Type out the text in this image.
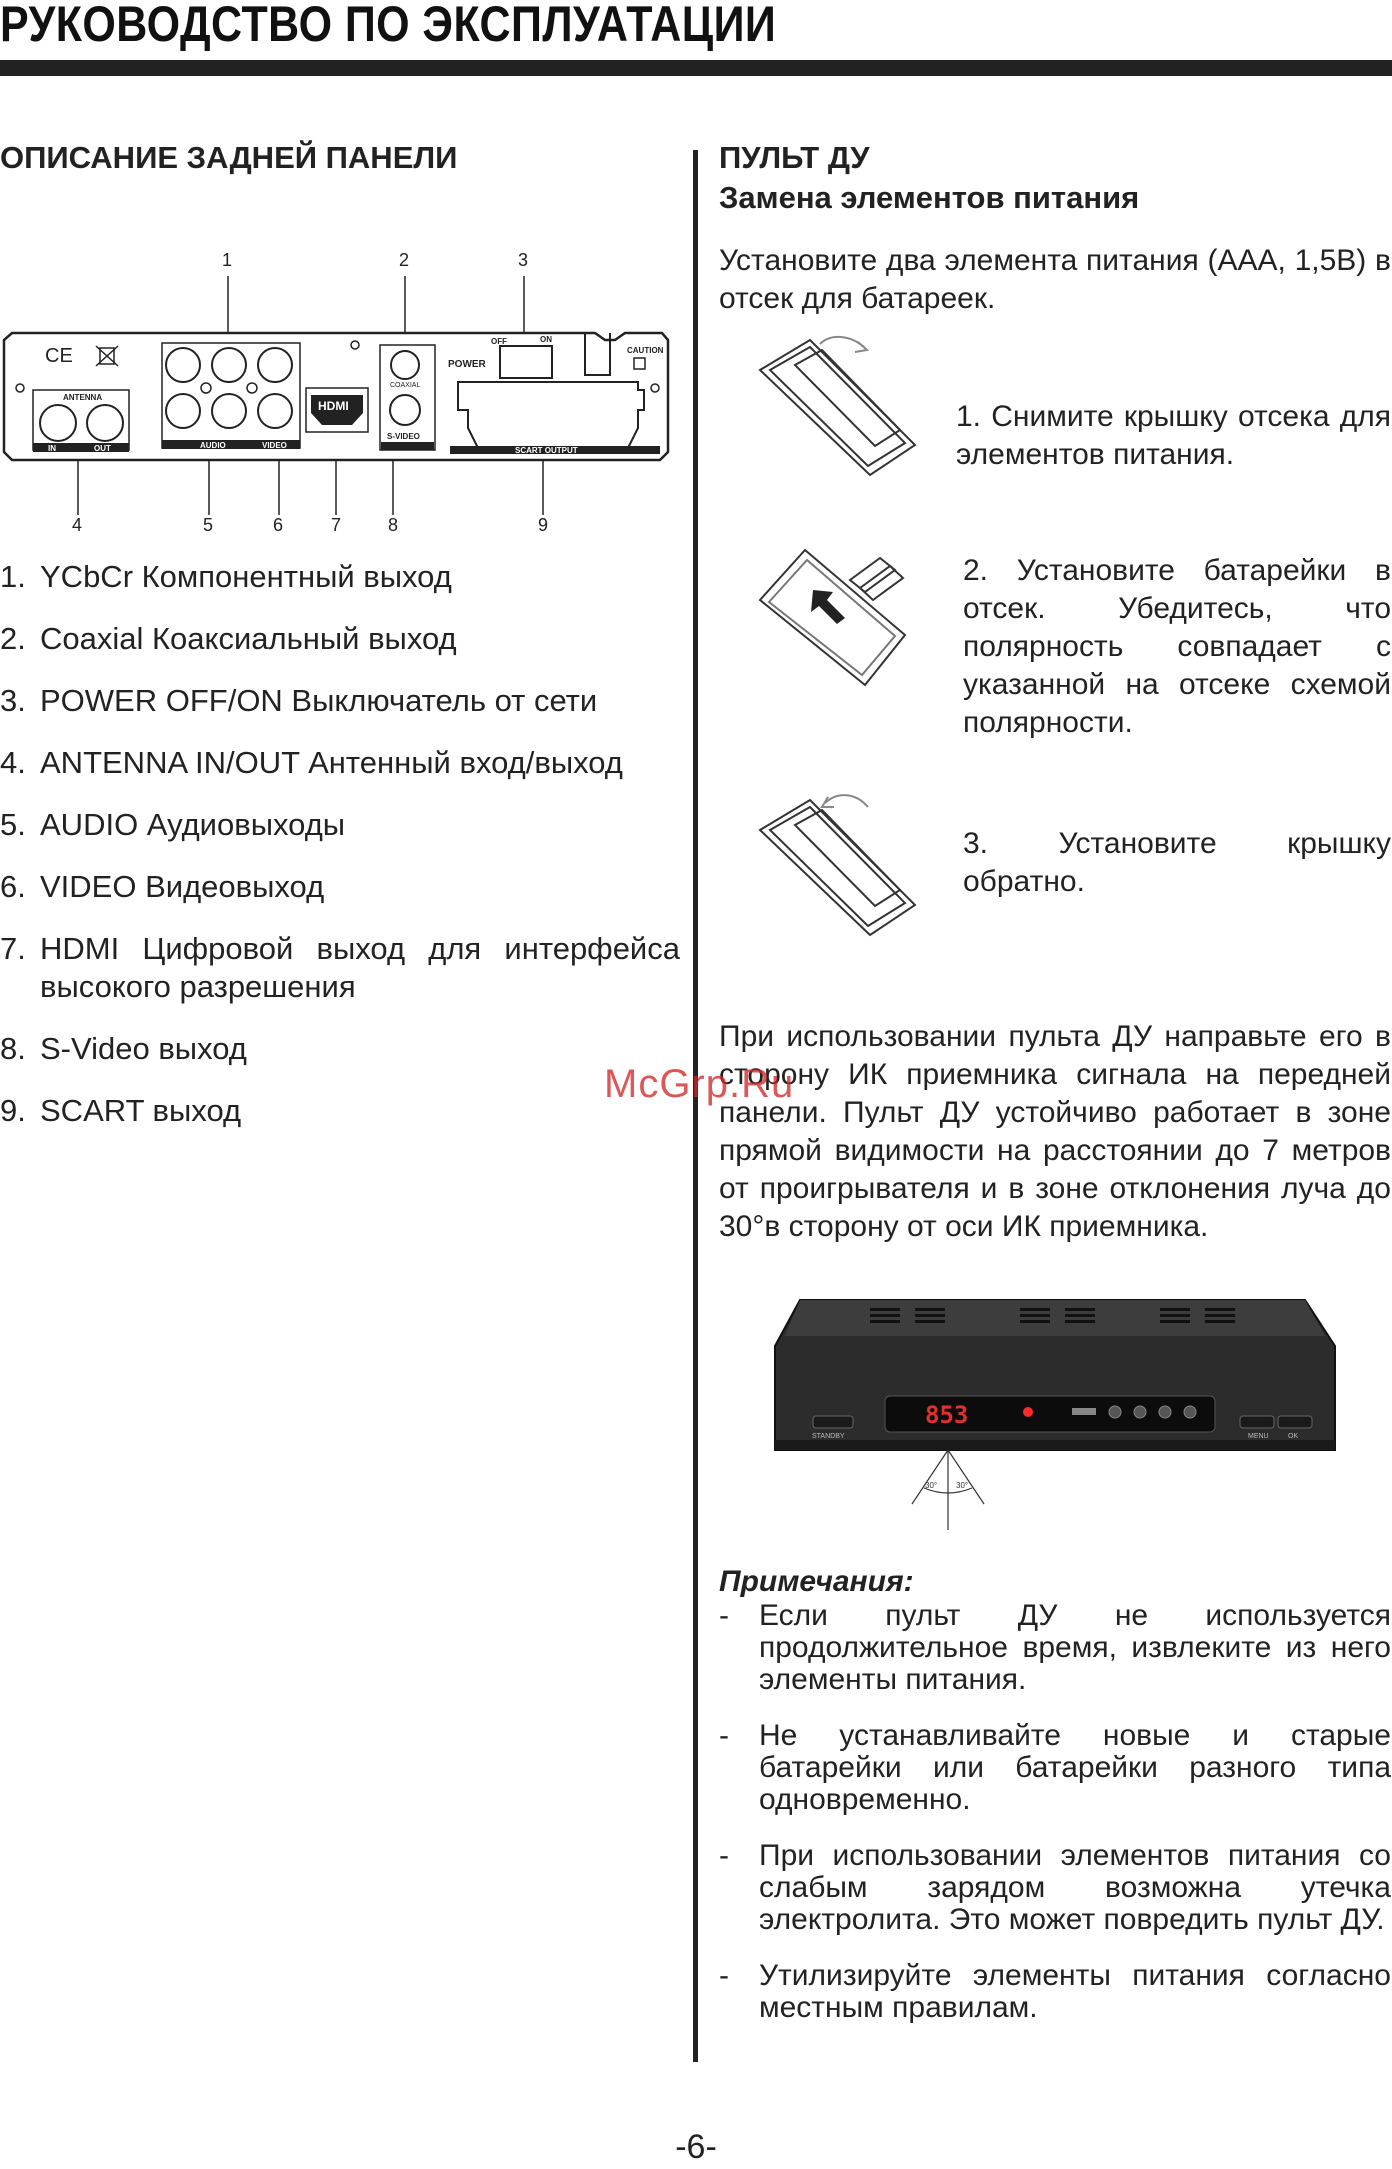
РУКОВОДСТВО ПО ЭКСПЛУАТАЦИИ
ОПИСАНИЕ ЗАДНЕЙ ПАНЕЛИ
1	2	3
4	5	6	7	8	9
CE
ANTENNA
IN	OUT	AUDIO	VIDEO
HDMI
COAXIAL
S-VIDEO
POWER
OFF	ON
SCART OUTPUT
CAUTION
1. YCbCr Компонентный выход
2. Coaxial Коаксиальный выход
3. POWER OFF/ON Выключатель от сети
4. ANTENNA IN/OUT Антенный вход/выход
5. AUDIO Аудиовыходы
6. VIDEO Видеовыход
7. HDMI Цифровой выход для интерфейса высокого разрешения
8. S-Video выход
9. SCART выход
ПУЛЬТ ДУ
Замена элементов питания
Установите два элемента питания (ААА, 1,5В) в отсек для батареек.
1. Снимите крышку отсека для элементов питания.
2. Установите батарейки в отсек. Убедитесь, что полярность совпадает с указанной на отсеке схемой полярности.
3. Установите крышку обратно.
При использовании пульта ДУ направьте его в сторону ИК приемника сигнала на передней панели. Пульт ДУ устойчиво работает в зоне прямой видимости на расстоянии до 7 метров от проигрывателя и в зоне отклонения луча до 30°в сторону от оси ИК приемника.
853
STANDBY	MENU	OK
30° 30°
Примечания:
-	Если пульт ДУ не используется продолжительное время, извлеките из него элементы питания.
-	Не устанавливайте новые и старые батарейки или батарейки разного типа одновременно.
-	При использовании элементов питания со слабым зарядом возможна утечка электролита. Это может повредить пульт ДУ.
-	Утилизируйте элементы питания согласно местным правилам.
McGrp.Ru
-6-
